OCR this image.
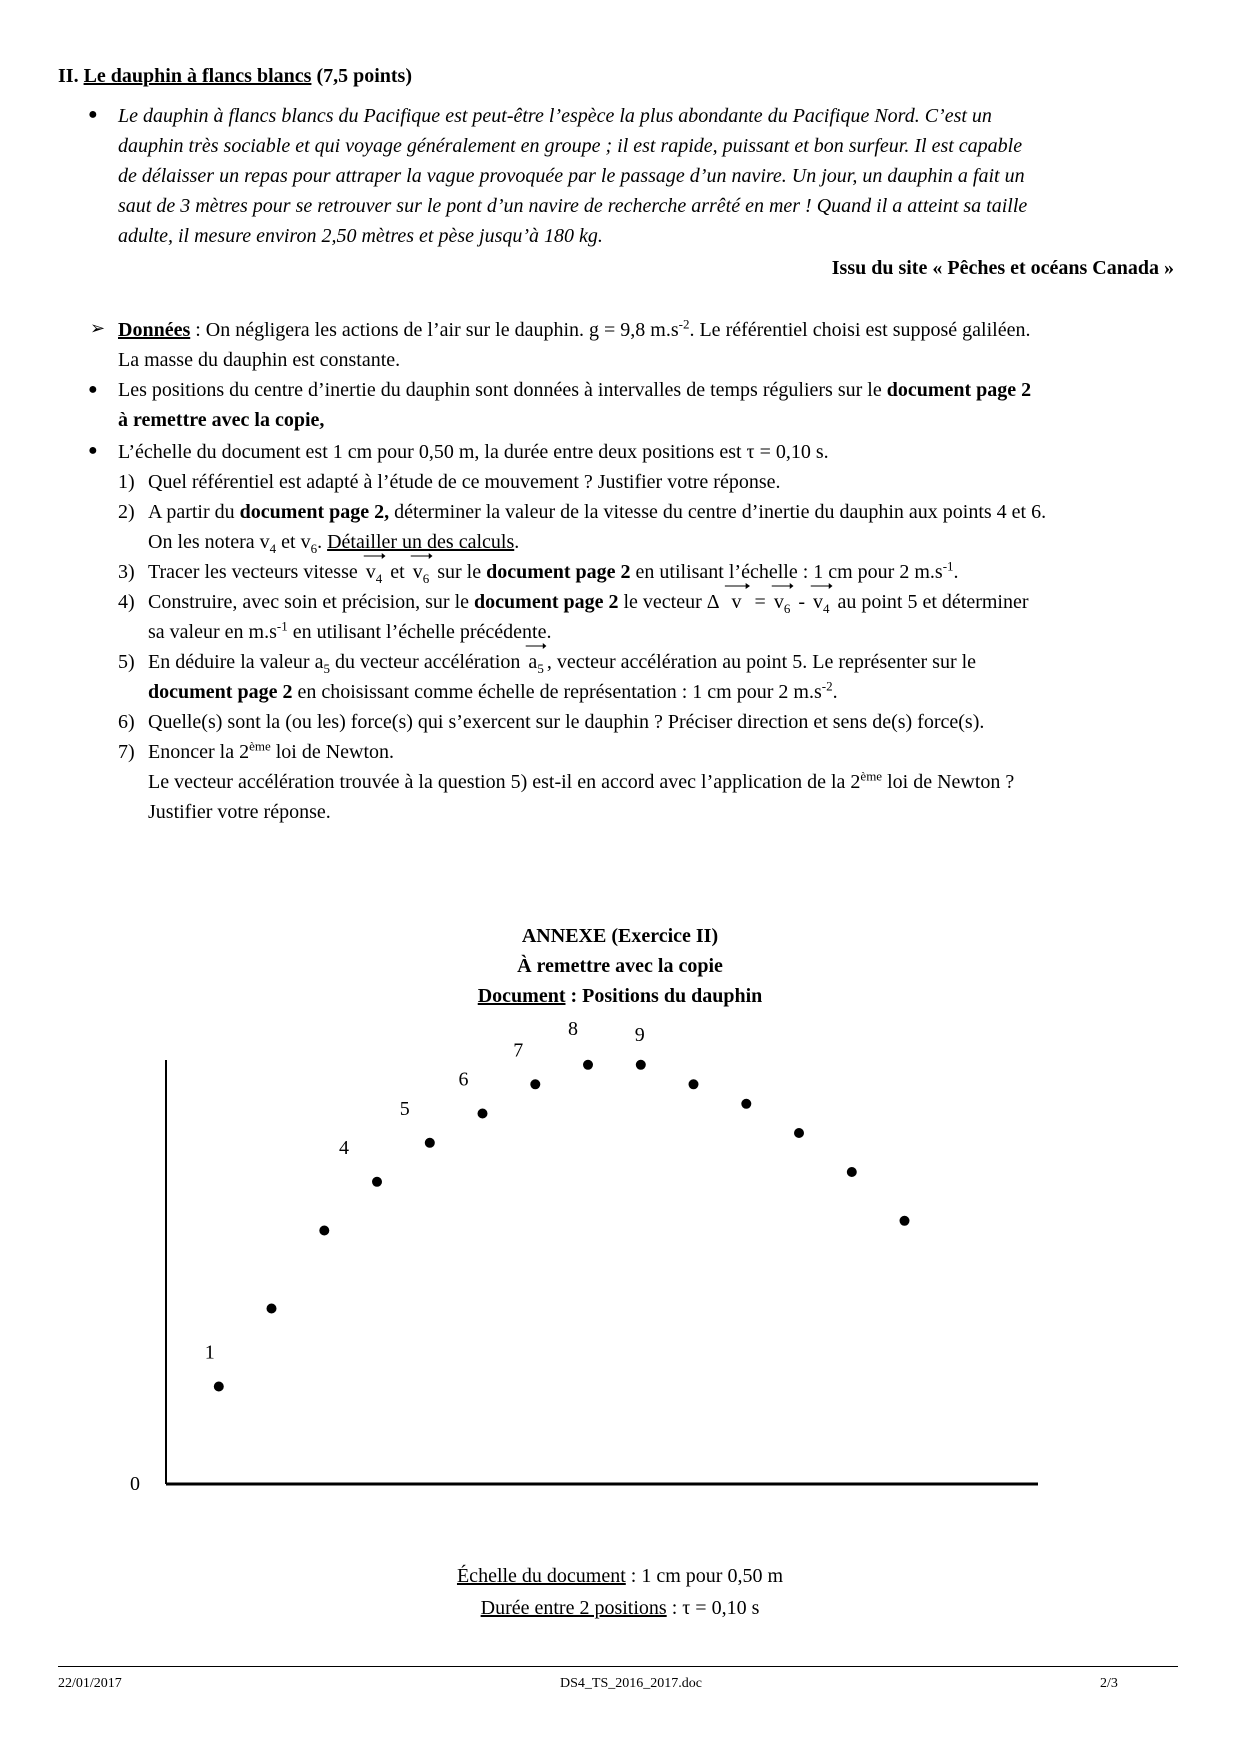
II. Le dauphin à flancs blancs (7,5 points)
● Le dauphin à flancs blancs du Pacifique est peut-être l’espèce la plus abondante du Pacifique Nord. C’est un
dauphin très sociable et qui voyage généralement en groupe ; il est rapide, puissant et bon surfeur. Il est capable
de délaisser un repas pour attraper la vague provoquée par le passage d’un navire. Un jour, un dauphin a fait un
saut de 3 mètres pour se retrouver sur le pont d’un navire de recherche arrêté en mer ! Quand il a atteint sa taille
adulte, il mesure environ 2,50 mètres et pèse jusqu’à 180 kg.
Issu du site « Pêches et océans Canada »
➢ Données : On négligera les actions de l’air sur le dauphin. g = 9,8 $m.s^{-2}$. Le référentiel choisi est supposé galiléen.
La masse du dauphin est constante.
● Les positions du centre d’inertie du dauphin sont données à intervalles de temps réguliers sur le document page 2
à remettre avec la copie,
● L’échelle du document est 1 cm pour 0,50 m, la durée entre deux positions est τ = 0,10 s.
1) Quel référentiel est adapté à l’étude de ce mouvement ? Justifier votre réponse.
2) A partir du document page 2, déterminer la valeur de la vitesse du centre d’inertie du dauphin aux points 4 et 6.
On les notera $v_4$ et $v_6$. Détailler un des calculs.
3) Tracer les vecteurs vitesse
$v_4$ et
$v_6$ sur le document page 2 en utilisant l’échelle : 1 cm pour 2 $m.s^{-1}$.
4) Construire, avec soin et précision, sur le document page 2 le vecteur Δ
v =
$v_6$ -
$v_4$ au point 5 et déterminer
sa valeur en $m.s^{-1}$ en utilisant l’échelle précédente.
5) En déduire la valeur $a_5$ du vecteur accélération
$a_5$ , vecteur accélération au point 5. Le représenter sur le
document page 2 en choisissant comme échelle de représentation : 1 cm pour 2 $m.s^{-2}$.
6) Quelle(s) sont la (ou les) force(s) qui s’exercent sur le dauphin ? Préciser direction et sens de(s) force(s).
7) Enoncer la 2ème loi de Newton.
Le vecteur accélération trouvée à la question 5) est-il en accord avec l’application de la 2ème loi de Newton ?
Justifier votre réponse.
ANNEXE (Exercice II)
À remettre avec la copie
Document : Positions du dauphin
0
1
4
5
6
7
8	9
Échelle du document : 1 cm pour 0,50 m
Durée entre 2 positions : τ = 0,10 s
22/01/2017	DS4_TS_2016_2017.doc	2/3
